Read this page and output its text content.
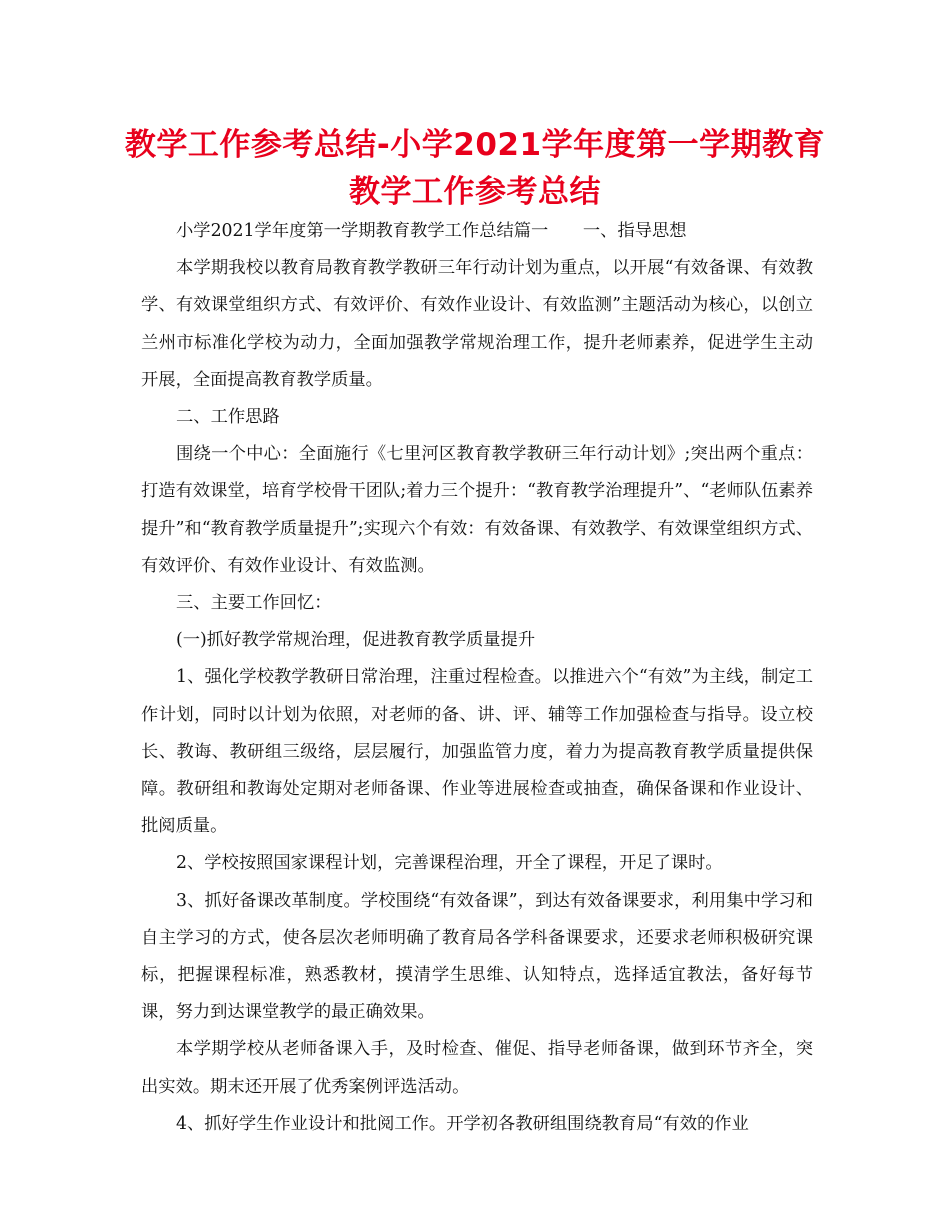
教学工作参考总结-小学2021学年度第一学期教育教学工作参考总结

小学2021学年度第一学期教育教学工作总结篇一　　一、指导思想

本学期我校以教育局教育教学教研三年行动计划为重点，以开展“有效备课、有效教学、有效课堂组织方式、有效评价、有效作业设计、有效监测”主题活动为核心，以创立兰州市标准化学校为动力，全面加强教学常规治理工作，提升老师素养，促进学生主动开展，全面提高教育教学质量。

二、工作思路

围绕一个中心：全面施行《七里河区教育教学教研三年行动计划》;突出两个重点：打造有效课堂，培育学校骨干团队;着力三个提升：“教育教学治理提升”、“老师队伍素养提升”和“教育教学质量提升”;实现六个有效：有效备课、有效教学、有效课堂组织方式、有效评价、有效作业设计、有效监测。

三、主要工作回忆：

(一)抓好教学常规治理，促进教育教学质量提升

1、强化学校教学教研日常治理，注重过程检查。以推进六个“有效”为主线，制定工作计划，同时以计划为依照，对老师的备、讲、评、辅等工作加强检查与指导。设立校长、教诲、教研组三级络，层层履行，加强监管力度，着力为提高教育教学质量提供保障。教研组和教诲处定期对老师备课、作业等进展检查或抽查，确保备课和作业设计、批阅质量。

2、学校按照国家课程计划，完善课程治理，开全了课程，开足了课时。

3、抓好备课改革制度。学校围绕“有效备课”，到达有效备课要求，利用集中学习和自主学习的方式，使各层次老师明确了教育局各学科备课要求，还要求老师积极研究课标，把握课程标准，熟悉教材，摸清学生思维、认知特点，选择适宜教法，备好每节课，努力到达课堂教学的最正确效果。

本学期学校从老师备课入手，及时检查、催促、指导老师备课，做到环节齐全，突出实效。期末还开展了优秀案例评选活动。

4、抓好学生作业设计和批阅工作。开学初各教研组围绕教育局“有效的作业
